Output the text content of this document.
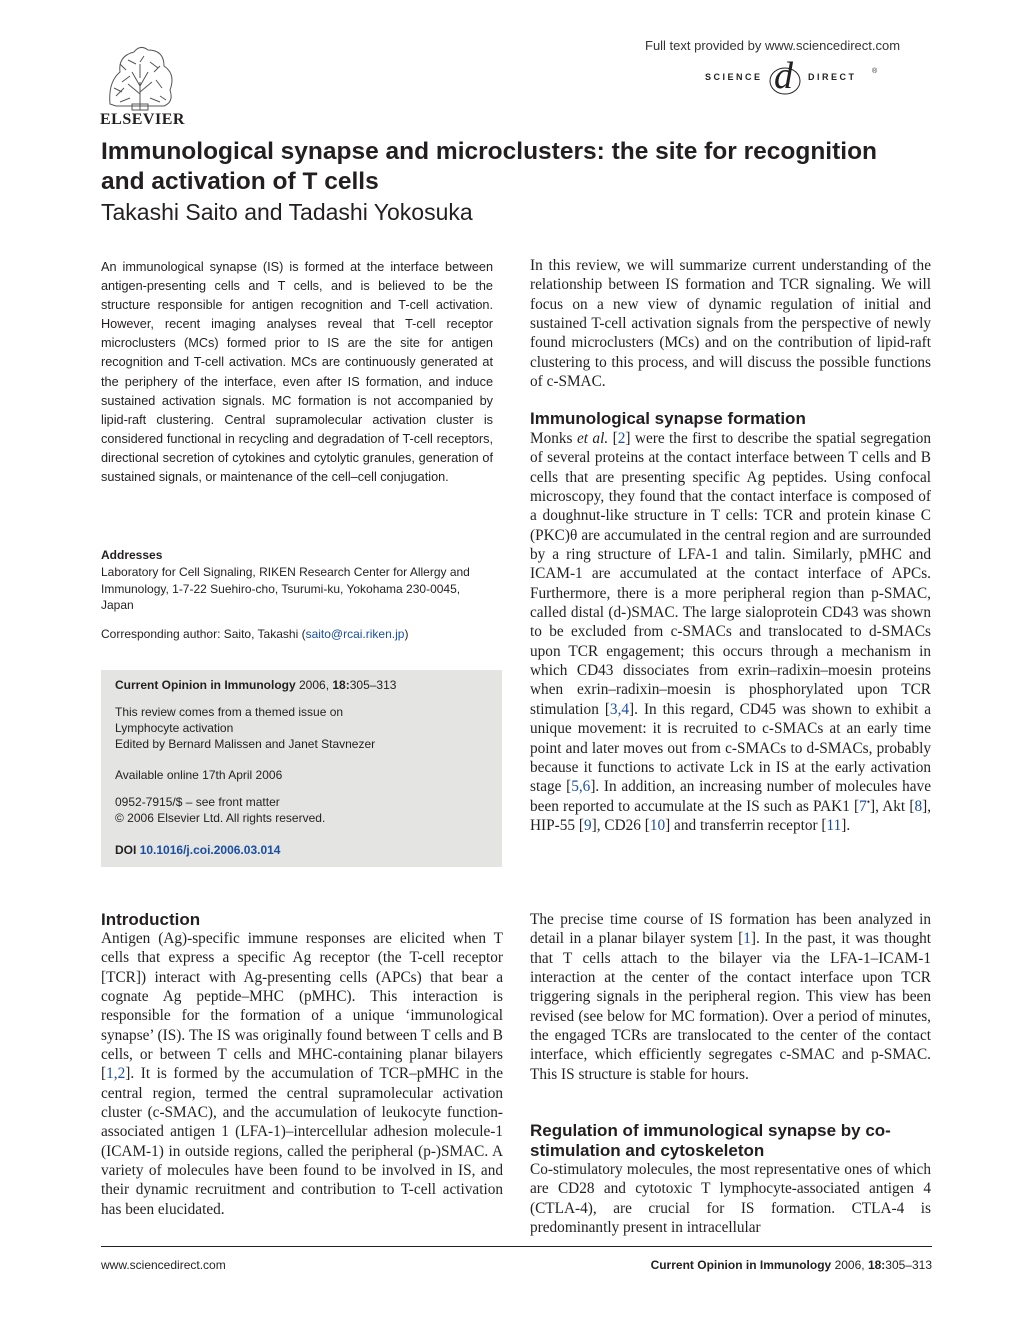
ELSEVIER
Full text provided by www.sciencedirect.com
SCIENCE d DIRECT
®
Immunological synapse and microclusters: the site for recognition and activation of T cells
Takashi Saito and Tadashi Yokosuka

An immunological synapse (IS) is formed at the interface between antigen-presenting cells and T cells, and is believed to be the structure responsible for antigen recognition and T-cell activation. However, recent imaging analyses reveal that T-cell receptor microclusters (MCs) formed prior to IS are the site for antigen recognition and T-cell activation. MCs are continuously generated at the periphery of the interface, even after IS formation, and induce sustained activation signals. MC formation is not accompanied by lipid-raft clustering. Central supramolecular activation cluster is considered functional in recycling and degradation of T-cell receptors, directional secretion of cytokines and cytolytic granules, generation of sustained signals, or maintenance of the cell–cell conjugation.

Addresses
Laboratory for Cell Signaling, RIKEN Research Center for Allergy and Immunology, 1-7-22 Suehiro-cho, Tsurumi-ku, Yokohama 230-0045, Japan
Corresponding author: Saito, Takashi (saito@rcai.riken.jp)
Current Opinion in Immunology 2006, 18:305–313
This review comes from a themed issue on
Lymphocyte activation
Edited by Bernard Malissen and Janet Stavnezer
Available online 17th April 2006
0952-7915/$ – see front matter
© 2006 Elsevier Ltd. All rights reserved.
DOI 10.1016/j.coi.2006.03.014
Introduction

Antigen (Ag)-specific immune responses are elicited when T cells that express a specific Ag receptor (the T-cell receptor [TCR]) interact with Ag-presenting cells (APCs) that bear a cognate Ag peptide–MHC (pMHC). This interaction is responsible for the formation of a unique ‘immunological synapse’ (IS). The IS was originally found between T cells and B cells, or between T cells and MHC-containing planar bilayers [1,2]. It is formed by the accumulation of TCR–pMHC in the central region, termed the central supramolecular activation cluster (c-SMAC), and the accumulation of leukocyte function-associated antigen 1 (LFA-1)–intercellular adhesion molecule-1 (ICAM-1) in outside regions, called the peripheral (p-)SMAC. A variety of molecules have been found to be involved in IS, and their dynamic recruitment and contribution to T-cell activation has been elucidated.

In this review, we will summarize current understanding of the relationship between IS formation and TCR signaling. We will focus on a new view of dynamic regulation of initial and sustained T-cell activation signals from the perspective of newly found microclusters (MCs) and on the contribution of lipid-raft clustering to this process, and will discuss the possible functions of c-SMAC.

Immunological synapse formation

Monks et al. [2] were the first to describe the spatial segregation of several proteins at the contact interface between T cells and B cells that are presenting specific Ag peptides. Using confocal microscopy, they found that the contact interface is composed of a doughnut-like structure in T cells: TCR and protein kinase C (PKC)θ are accumulated in the central region and are surrounded by a ring structure of LFA-1 and talin. Similarly, pMHC and ICAM-1 are accumulated at the contact interface of APCs. Furthermore, there is a more peripheral region than p-SMAC, called distal (d-)SMAC. The large sialoprotein CD43 was shown to be excluded from c-SMACs and translocated to d-SMACs upon TCR engagement; this occurs through a mechanism in which CD43 dissociates from exrin–radixin–moesin proteins when exrin–radixin–moesin is phosphorylated upon TCR stimulation [3,4]. In this regard, CD45 was shown to exhibit a unique movement: it is recruited to c-SMACs at an early time point and later moves out from c-SMACs to d-SMACs, probably because it functions to activate Lck in IS at the early activation stage [5,6]. In addition, an increasing number of molecules have been reported to accumulate at the IS such as PAK1 [7•], Akt [8], HIP-55 [9], CD26 [10] and transferrin receptor [11].

The precise time course of IS formation has been analyzed in detail in a planar bilayer system [1]. In the past, it was thought that T cells attach to the bilayer via the LFA-1–ICAM-1 interaction at the center of the contact interface upon TCR triggering signals in the peripheral region. This view has been revised (see below for MC formation). Over a period of minutes, the engaged TCRs are translocated to the center of the contact interface, which efficiently segregates c-SMAC and p-SMAC. This IS structure is stable for hours.

Regulation of immunological synapse by co-stimulation and cytoskeleton

Co-stimulatory molecules, the most representative ones of which are CD28 and cytotoxic T lymphocyte-associated antigen 4 (CTLA-4), are crucial for IS formation. CTLA-4 is predominantly present in intracellular

www.sciencedirect.com	Current Opinion in Immunology 2006, 18:305–313
